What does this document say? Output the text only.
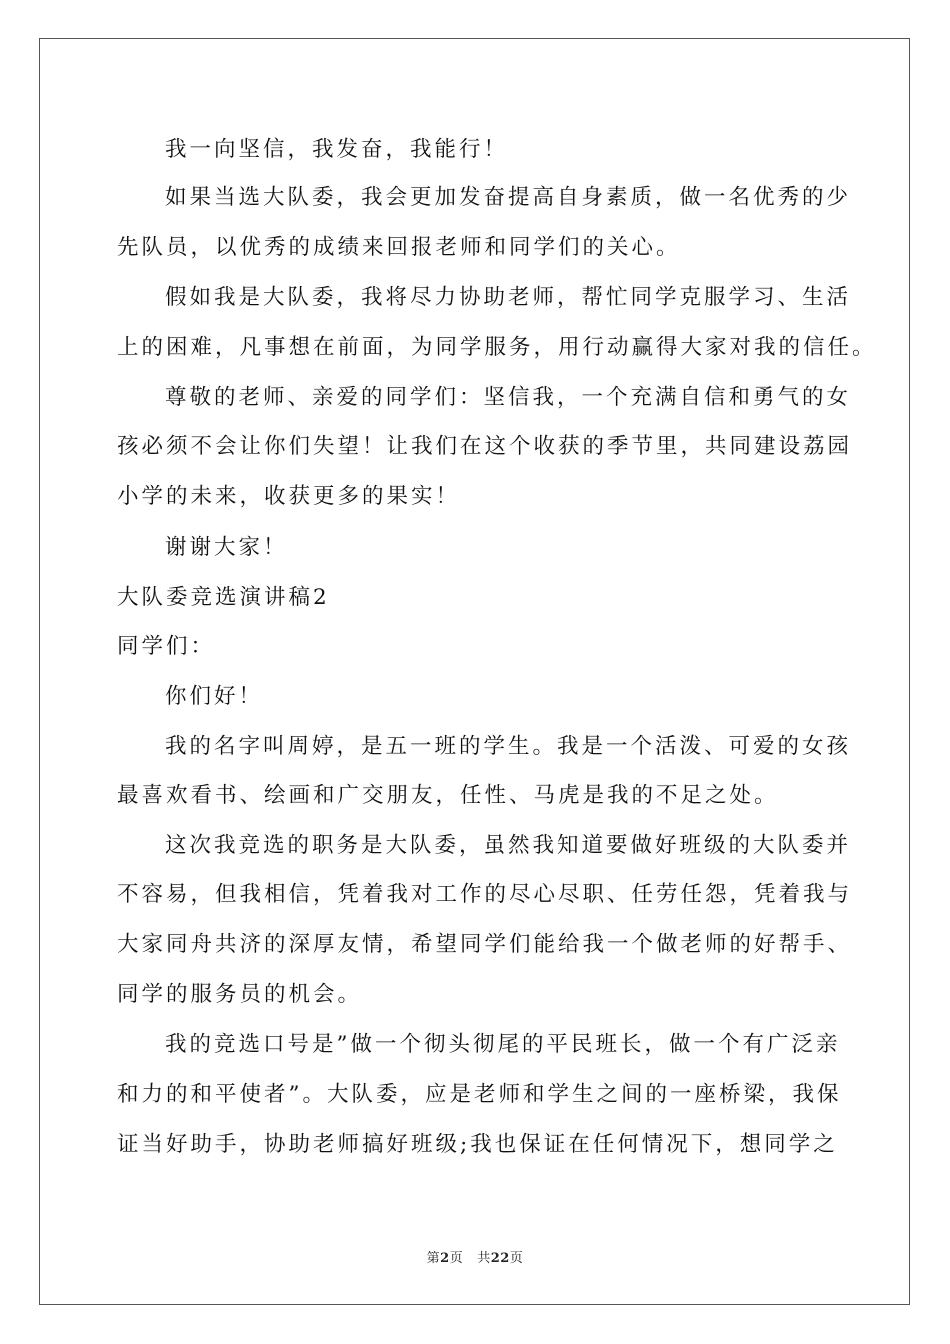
我一向坚信，我发奋，我能行！
如果当选大队委，我会更加发奋提高自身素质，做一名优秀的少
先队员，以优秀的成绩来回报老师和同学们的关心。
假如我是大队委，我将尽力协助老师，帮忙同学克服学习、生活
上的困难，凡事想在前面，为同学服务，用行动赢得大家对我的信任。
尊敬的老师、亲爱的同学们：坚信我，一个充满自信和勇气的女
孩必须不会让你们失望！让我们在这个收获的季节里，共同建设荔园
小学的未来，收获更多的果实！
谢谢大家！
大队委竞选演讲稿2
同学们：
你们好！
我的名字叫周婷，是五一班的学生。我是一个活泼、可爱的女孩
最喜欢看书、绘画和广交朋友，任性、马虎是我的不足之处。
这次我竞选的职务是大队委，虽然我知道要做好班级的大队委并
不容易，但我相信，凭着我对工作的尽心尽职、任劳任怨，凭着我与
大家同舟共济的深厚友情，希望同学们能给我一个做老师的好帮手、
同学的服务员的机会。
我的竞选口号是”做一个彻头彻尾的平民班长，做一个有广泛亲
和力的和平使者”。大队委，应是老师和学生之间的一座桥梁，我保
证当好助手，协助老师搞好班级;我也保证在任何情况下，想同学之
第2页 共22页
